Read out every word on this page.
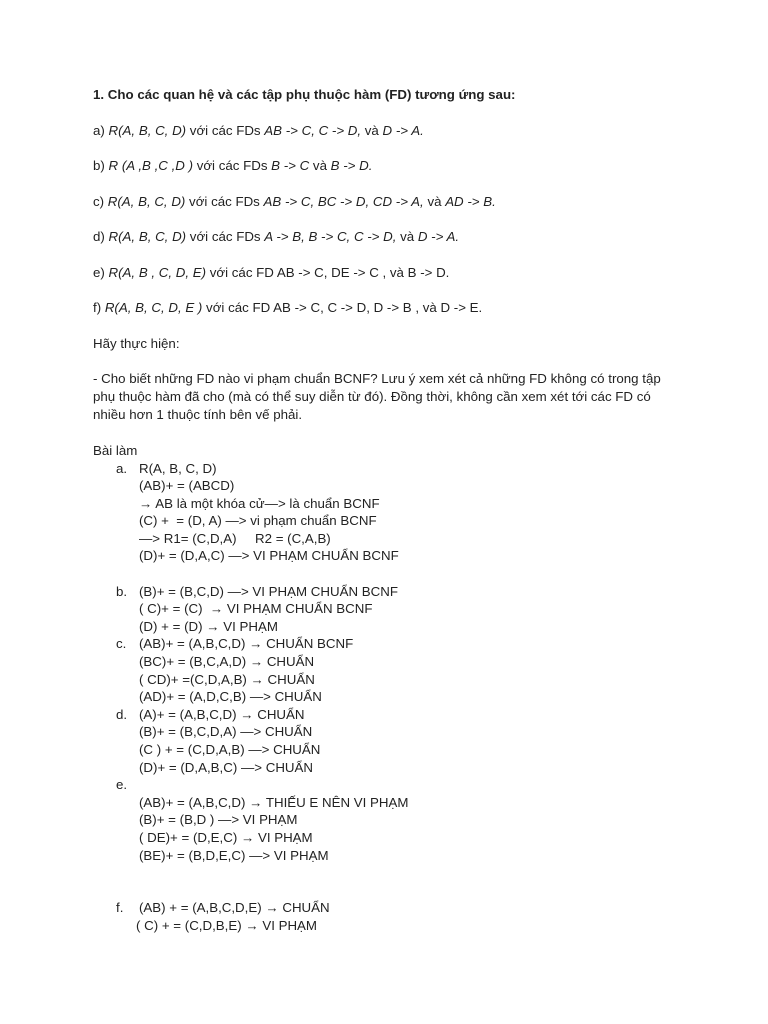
1. Cho các quan hệ và các tập phụ thuộc hàm (FD) tương ứng sau:

a) R(A, B, C, D) với các FDs AB -> C, C -> D, và D -> A.

b) R (A ,B ,C ,D ) với các FDs B -> C và B -> D.

c) R(A, B, C, D) với các FDs AB -> C, BC -> D, CD -> A, và AD -> B.

d) R(A, B, C, D) với các FDs A -> B, B -> C, C -> D, và D -> A.

e) R(A, B , C, D, E) với các FD AB -> C, DE -> C , và B -> D.

f) R(A, B, C, D, E ) với các FD AB -> C, C -> D, D -> B , và D -> E.

Hãy thực hiện:

- Cho biết những FD nào vi phạm chuẩn BCNF? Lưu ý xem xét cả những FD không có trong tập phụ thuộc hàm đã cho (mà có thể suy diễn từ đó). Đồng thời, không cần xem xét tới các FD có nhiều hơn 1 thuộc tính bên vế phải.

Bài làm

a. R(A, B, C, D)
(AB)+ = (ABCD)
→ AB là một khóa cử—> là chuẩn BCNF
(C) +  = (D, A) —> vi phạm chuẩn BCNF
—> R1= (C,D,A)     R2 = (C,A,B)
(D)+ = (D,A,C) —> VI PHẠM CHUẨN BCNF
b. (B)+ = (B,C,D) —> VI PHẠM CHUẨN BCNF
( C)+ = (C)  → VI PHẠM CHUẨN BCNF
(D) + = (D) → VI PHẠM
c. (AB)+ = (A,B,C,D) → CHUẨN BCNF
(BC)+ = (B,C,A,D) → CHUẨN
( CD)+ =(C,D,A,B) → CHUẨN
(AD)+ = (A,D,C,B) —> CHUẨN
d. (A)+ = (A,B,C,D) → CHUẨN
(B)+ = (B,C,D,A) —> CHUẨN
(C ) + = (C,D,A,B) —> CHUẨN
(D)+ = (D,A,B,C) —> CHUẨN
e.
(AB)+ = (A,B,C,D) → THIẾU E NÊN VI PHẠM
(B)+ = (B,D ) —> VI PHẠM
( DE)+ = (D,E,C) → VI PHẠM
(BE)+ = (B,D,E,C) —> VI PHẠM
f. (AB) + = (A,B,C,D,E) → CHUẨN
( C) + = (C,D,B,E) → VI PHẠM
